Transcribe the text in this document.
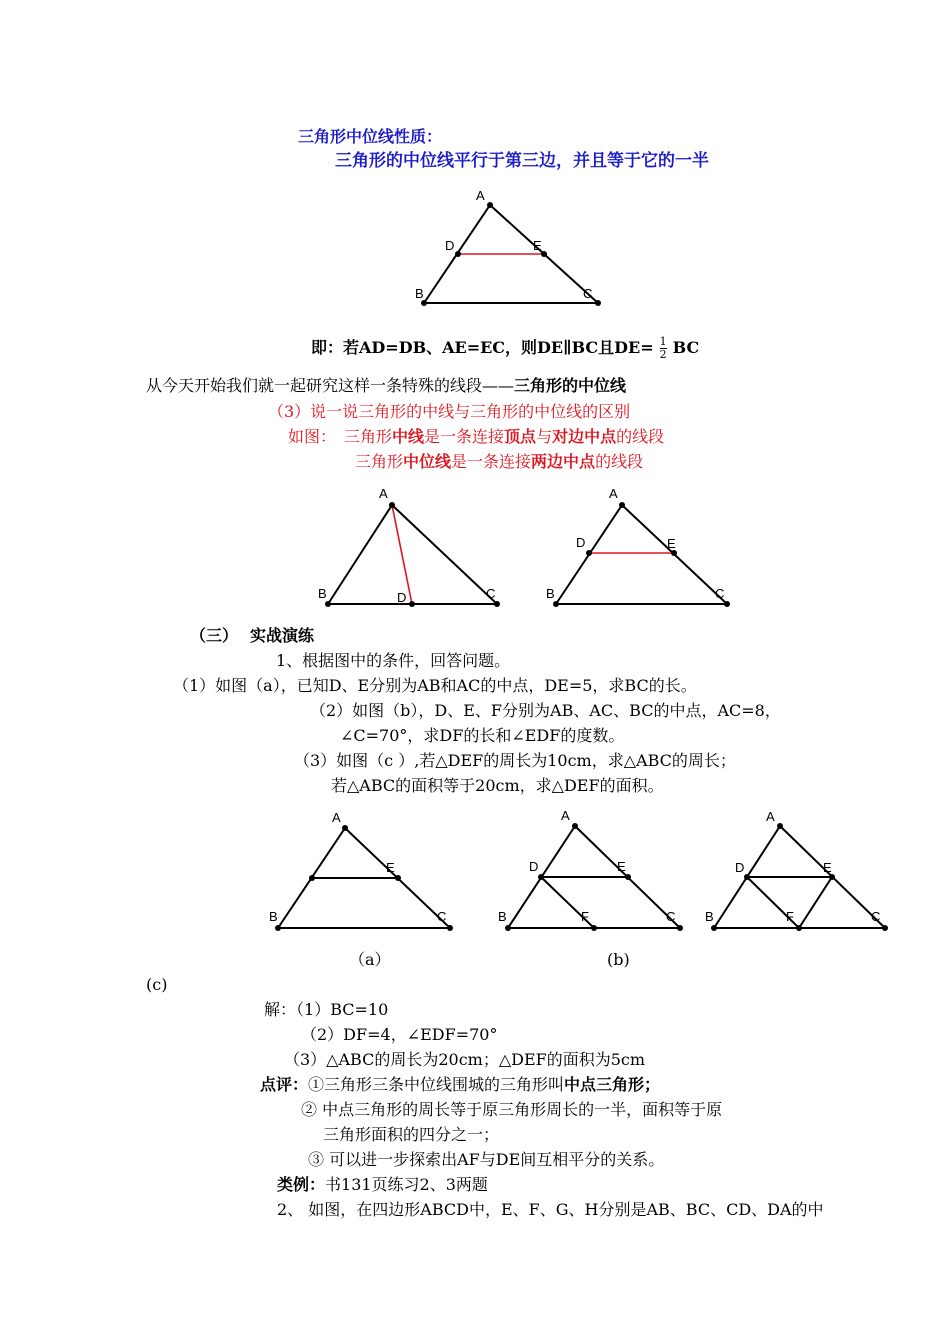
三角形中位线性质：
三角形的中位线平行于第三边，并且等于它的一半
A
D	E
B	C
A
B	D	C
A
D	E
B	C
A
E
B	C
A
D	E
B	F	C
A
D	E
B	F	C
即：若AD=DB、AE=EC，则DE∥BC且$DE= \frac{1}{2}$ BC
从今天开始我们就一起研究这样一条特殊的线段——三角形的中位线
（3）说一说三角形的中线与三角形的中位线的区别
如图：　三角形中线是一条连接顶点与对边中点的线段
三角形中位线是一条连接两边中点的线段
（三） 实战演练
1、根据图中的条件，回答问题。
（1）如图（a），已知D、E分别为AB和AC的中点，DE=5，求BC的长。
（2）如图（b），D、E、F分别为AB、AC、BC的中点，AC=8，
∠C=70°，求DF的长和∠EDF的度数。
（3）如图（c ）,若△DEF的周长为10cm，求△ABC的周长；
若△ABC的面积等于20cm，求△DEF的面积。
（a）	(b)
(c)
解：（1）BC=10
（2）DF=4，∠EDF=70°
（3）△ABC的周长为20cm；△DEF的面积为5cm
点评：①三角形三条中位线围城的三角形叫中点三角形；
② 中点三角形的周长等于原三角形周长的一半，面积等于原
三角形面积的四分之一；
③ 可以进一步探索出AF与DE间互相平分的关系。
类例：书131页练习2、3两题
2、 如图，在四边形ABCD中，E、F、G、H分别是AB、BC、CD、DA的中
